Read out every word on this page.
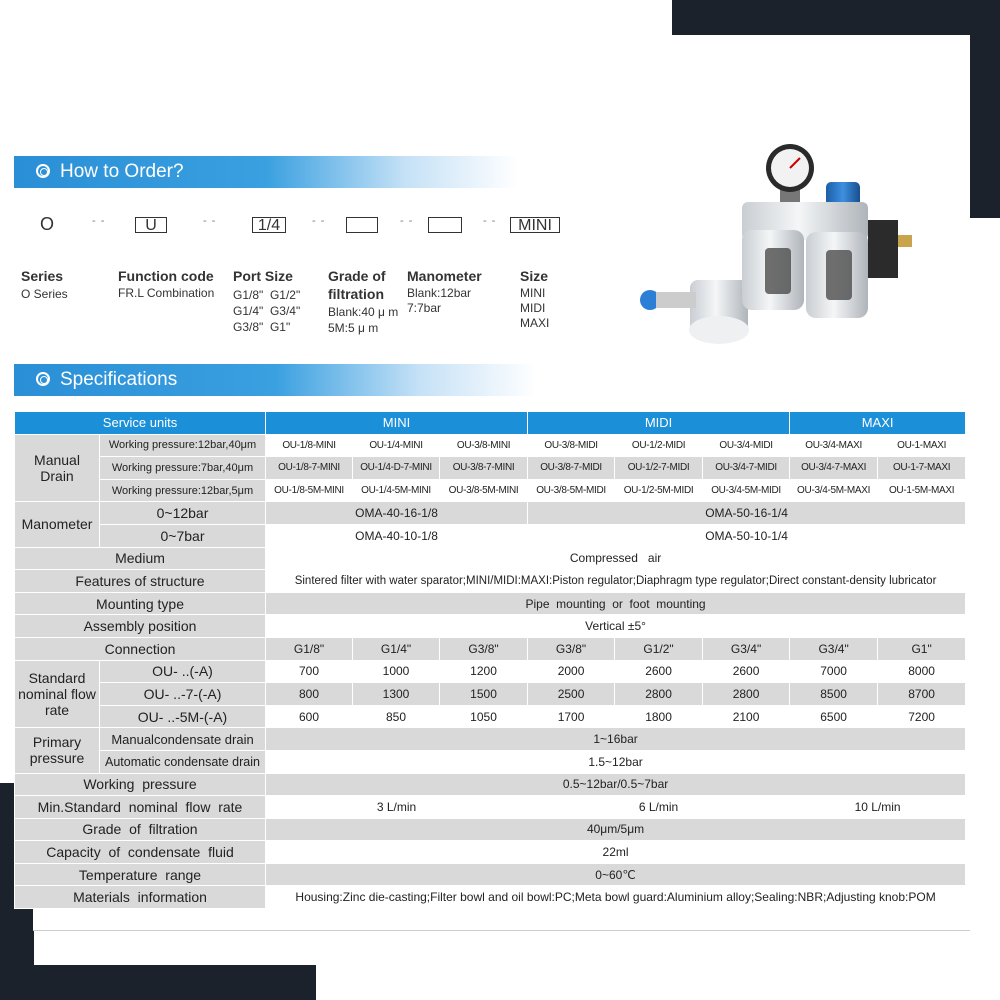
How to Order?
O	- -	U	- -	1/4	- -	- -	- -	MINI
Series
O Series
Function code
FR.L Combination
Port Size
G1/8"  G1/2"
G1/4"  G3/4"
G3/8"  G1"
Grade of
filtration
Blank:40 μ m
5M:5 μ m
Manometer
Blank:12bar
7:7bar
Size
MINI
MIDI
MAXI
Specifications
Service units		MINI			MIDI			MAXI	
Manual Drain	Working pressure:12bar,40μm	OU-1/8-MINI	OU-1/4-MINI	OU-3/8-MINI	OU-3/8-MIDI	OU-1/2-MIDI	OU-3/4-MIDI	OU-3/4-MAXI	OU-1-MAXI
	Working pressure:7bar,40μm	OU-1/8-7-MINI	OU-1/4-D-7-MINI	OU-3/8-7-MINI	OU-3/8-7-MIDI	OU-1/2-7-MIDI	OU-3/4-7-MIDI	OU-3/4-7-MAXI	OU-1-7-MAXI
	Working pressure:12bar,5μm	OU-1/8-5M-MINI	OU-1/4-5M-MINI	OU-3/8-5M-MINI	OU-3/8-5M-MIDI	OU-1/2-5M-MIDI	OU-3/4-5M-MIDI	OU-3/4-5M-MAXI	OU-1-5M-MAXI
Manometer	0~12bar	OMA-40-16-1/8			OMA-50-16-1/4				
	0~7bar	OMA-40-10-1/8			OMA-50-10-1/4				
Medium		Compressed   air							
Features of structure		Sintered filter with water sparator;MINI/MIDI:MAXI:Piston regulator;Diaphragm type regulator;Direct constant-density lubricator							
Mounting type		Pipe  mounting  or  foot  mounting							
Assembly position		Vertical ±5°							
Connection		G1/8"	G1/4"	G3/8"	G3/8"	G1/2"	G3/4"	G3/4"	G1"
Standard nominal flow rate	OU- ..(-A)	700	1000	1200	2000	2600	2600	7000	8000
	OU- ..-7-(-A)	800	1300	1500	2500	2800	2800	8500	8700
	OU- ..-5M-(-A)	600	850	1050	1700	1800	2100	6500	7200
Primary pressure	Manualcondensate drain	1~16bar							
	Automatic condensate drain	1.5~12bar							
Working  pressure		0.5~12bar/0.5~7bar							
Min.Standard  nominal  flow  rate		3 L/min			6 L/min			10 L/min	
Grade  of  filtration		40μm/5μm							
Capacity  of  condensate  fluid		22ml							
Temperature  range		0~60℃							
Materials  information		Housing:Zinc die-casting;Filter bowl and oil bowl:PC;Meta bowl guard:Aluminium alloy;Sealing:NBR;Adjusting knob:POM							
